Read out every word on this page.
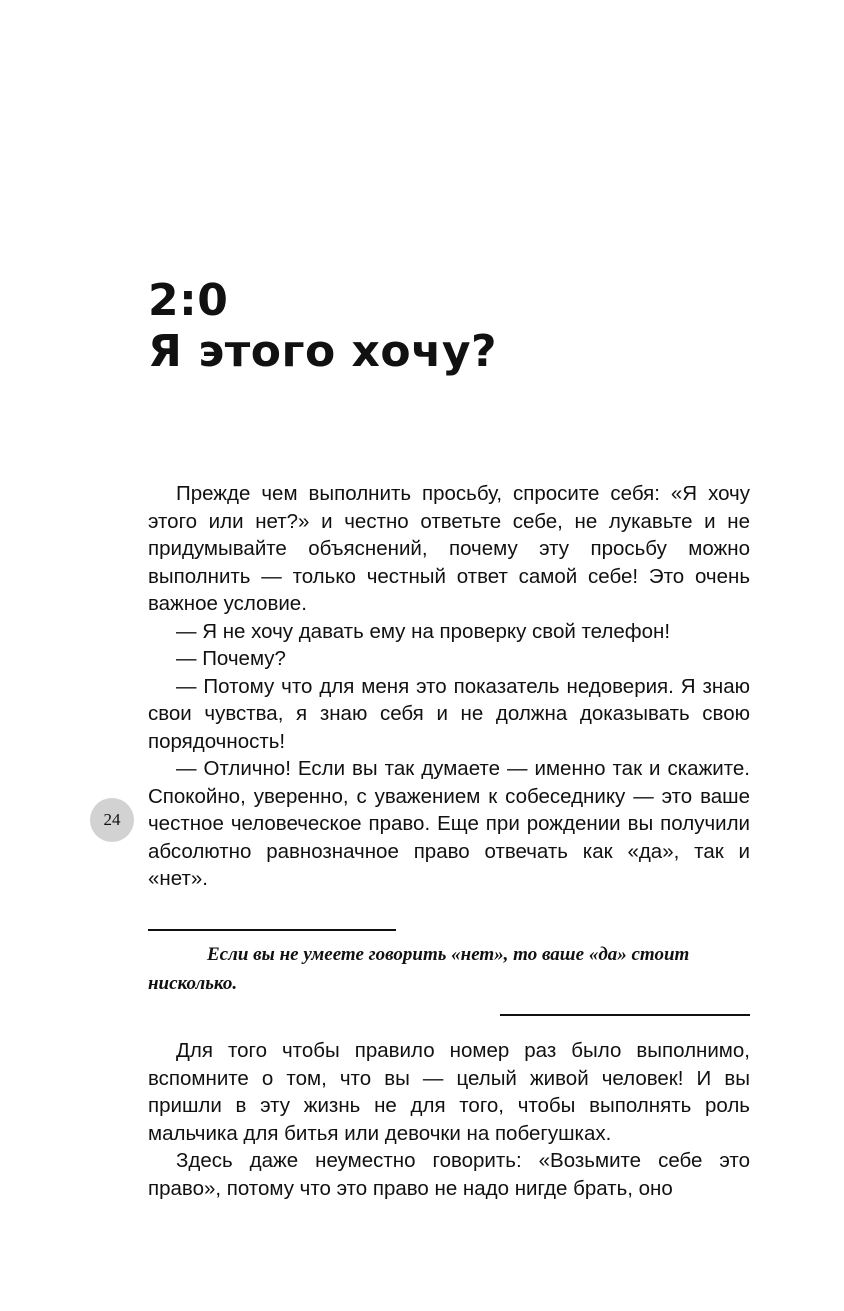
2:0
Я этого хочу?

Прежде чем выполнить просьбу, спросите себя: «Я хочу этого или нет?» и честно ответьте себе, не лукавьте и не придумывайте объяснений, почему эту просьбу можно выполнить — только честный ответ самой себе! Это очень важное условие.

— Я не хочу давать ему на проверку свой телефон!

— Почему?

— Потому что для меня это показатель недоверия. Я знаю свои чувства, я знаю себя и не должна доказывать свою порядочность!

— Отлично! Если вы так думаете — именно так и скажите. Спокойно, уверенно, с уважением к собеседнику — это ваше честное человеческое право. Еще при рождении вы получили абсолютно равнозначное право отвечать как «да», так и «нет».

24

Если вы не умеете говорить «нет», то ваше «да» стоит нисколько.

Для того чтобы правило номер раз было выполнимо, вспомните о том, что вы — целый живой человек! И вы пришли в эту жизнь не для того, чтобы выполнять роль мальчика для битья или девочки на побегушках.

Здесь даже неуместно говорить: «Возьмите себе это право», потому что это право не надо нигде брать, оно
